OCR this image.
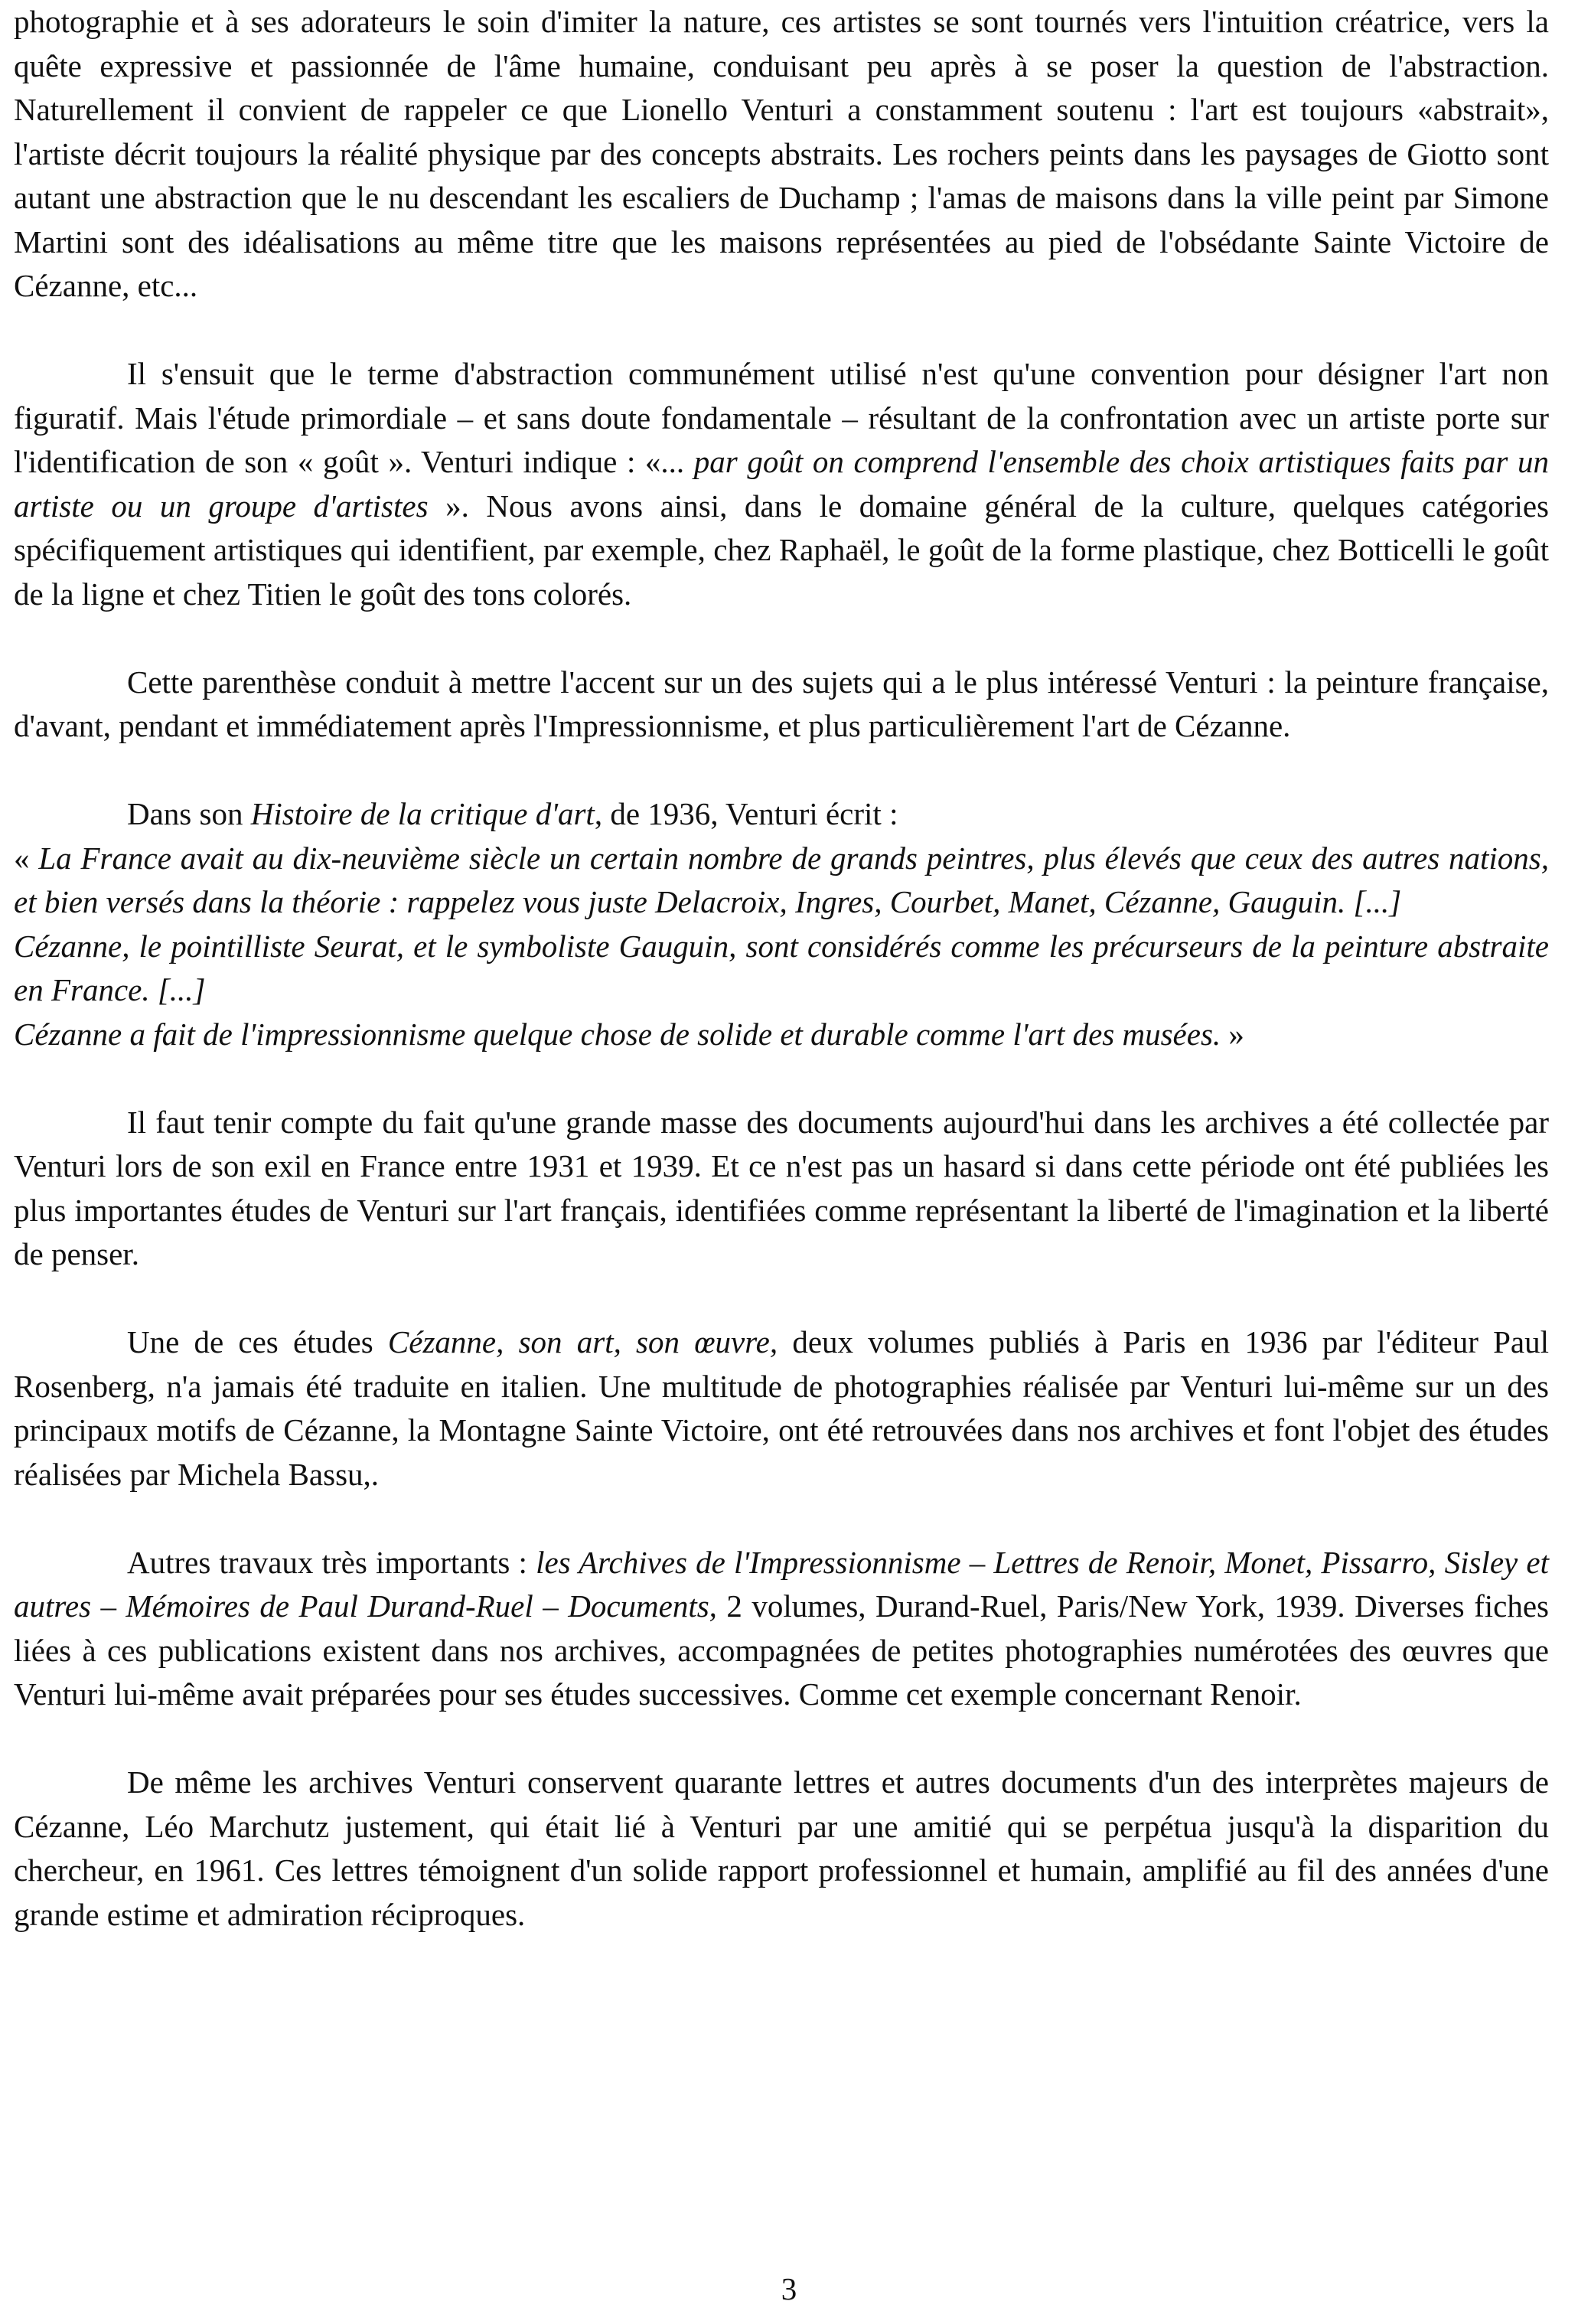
photographie et à ses adorateurs le soin d'imiter la nature, ces artistes se sont tournés vers l'intuition créatrice, vers la quête expressive et passionnée de l'âme humaine, conduisant peu après à se poser la question de l'abstraction. Naturellement il convient de rappeler ce que Lionello Venturi a constamment soutenu : l'art est toujours «abstrait», l'artiste décrit toujours la réalité physique par des concepts abstraits. Les rochers peints dans les paysages de Giotto sont autant une abstraction que le nu descendant les escaliers de Duchamp ; l'amas de maisons dans la ville peint par Simone Martini sont des idéalisations au même titre que les maisons représentées au pied de l'obsédante Sainte Victoire de Cézanne, etc...

Il s'ensuit que le terme d'abstraction communément utilisé n'est qu'une convention pour désigner l'art non figuratif. Mais l'étude primordiale – et sans doute fondamentale – résultant de la confrontation avec un artiste porte sur l'identification de son « goût ». Venturi indique : «... par goût on comprend l'ensemble des choix artistiques faits par un artiste ou un groupe d'artistes ». Nous avons ainsi, dans le domaine général de la culture, quelques catégories spécifiquement artistiques qui identifient, par exemple, chez Raphaël, le goût de la forme plastique, chez Botticelli le goût de la ligne et chez Titien le goût des tons colorés.

Cette parenthèse conduit à mettre l'accent sur un des sujets qui a le plus intéressé Venturi : la peinture française, d'avant, pendant et immédiatement après l'Impressionnisme, et plus particulièrement l'art de Cézanne.

Dans son Histoire de la critique d'art, de 1936, Venturi écrit :

« La France avait au dix-neuvième siècle un certain nombre de grands peintres, plus élevés que ceux des autres nations, et bien versés dans la théorie : rappelez vous juste Delacroix, Ingres, Courbet, Manet, Cézanne, Gauguin. [...]

Cézanne, le pointilliste Seurat, et le symboliste Gauguin, sont considérés comme les précurseurs de la peinture abstraite en France. [...]

Cézanne a fait de l'impressionnisme quelque chose de solide et durable comme l'art des musées. »

Il faut tenir compte du fait qu'une grande masse des documents aujourd'hui dans les archives a été collectée par Venturi lors de son exil en France entre 1931 et 1939. Et ce n'est pas un hasard si dans cette période ont été publiées les plus importantes études de Venturi sur l'art français, identifiées comme représentant la liberté de l'imagination et la liberté de penser.

Une de ces études Cézanne, son art, son œuvre, deux volumes publiés à Paris en 1936 par l'éditeur Paul Rosenberg, n'a jamais été traduite en italien. Une multitude de photographies réalisée par Venturi lui-même sur un des principaux motifs de Cézanne, la Montagne Sainte Victoire, ont été retrouvées dans nos archives et font l'objet des études réalisées par Michela Bassu,.

Autres travaux très importants : les Archives de l'Impressionnisme – Lettres de Renoir, Monet, Pissarro, Sisley et autres – Mémoires de Paul Durand-Ruel – Documents, 2 volumes, Durand-Ruel, Paris/New York, 1939. Diverses fiches liées à ces publications existent dans nos archives, accompagnées de petites photographies numérotées des œuvres que Venturi lui-même avait préparées pour ses études successives. Comme cet exemple concernant Renoir.

De même les archives Venturi conservent quarante lettres et autres documents d'un des interprètes majeurs de Cézanne, Léo Marchutz justement, qui était lié à Venturi par une amitié qui se perpétua jusqu'à la disparition du chercheur, en 1961. Ces lettres témoignent d'un solide rapport professionnel et humain, amplifié au fil des années d'une grande estime et admiration réciproques.

3
